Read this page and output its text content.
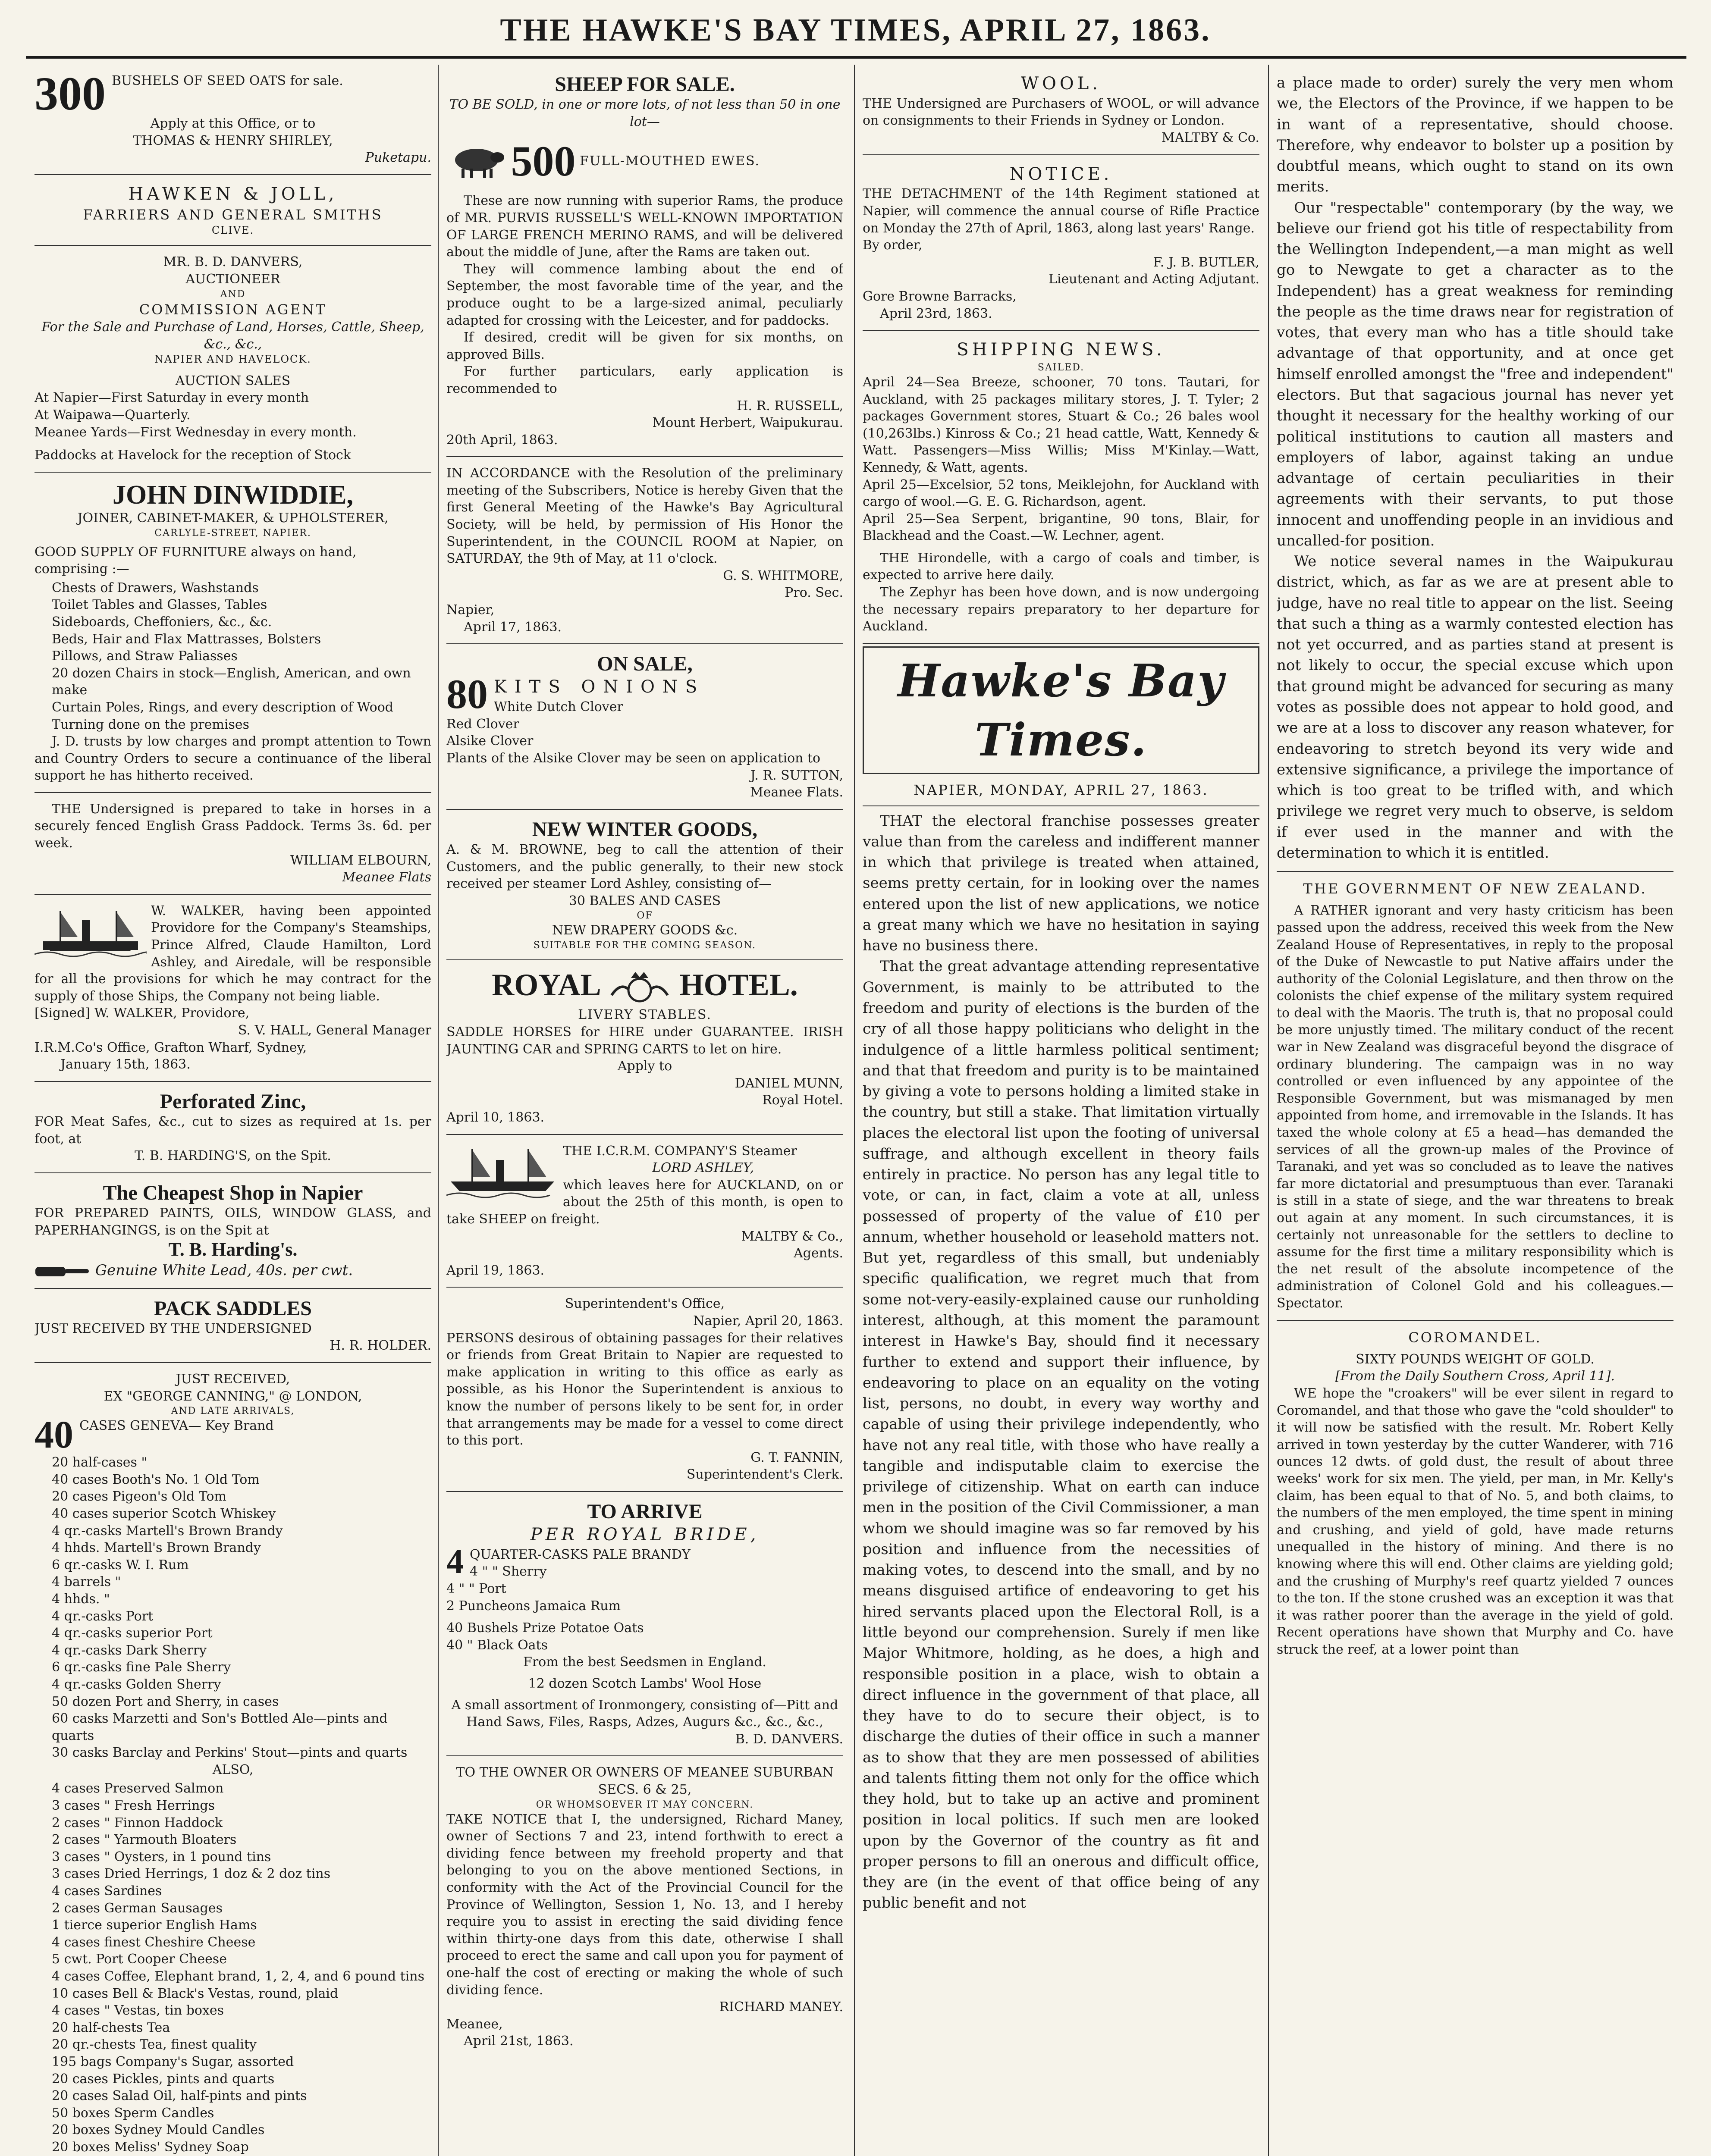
THE HAWKE'S BAY TIMES, APRIL 27, 1863.
300 BUSHELS OF SEED OATS for sale.
Apply at this Office, or to
THOMAS & HENRY SHIRLEY,
Puketapu.
HAWKEN & JOLL,
FARRIERS AND GENERAL SMITHS
CLIVE.
MR. B. D. DANVERS,
AUCTIONEER
AND
COMMISSION AGENT
For the Sale and Purchase of Land, Horses, Cattle, Sheep, &c., &c.,
NAPIER AND HAVELOCK.
AUCTION SALES
At Napier—First Saturday in every month
At Waipawa—Quarterly.
Meanee Yards—First Wednesday in every month.
Paddocks at Havelock for the reception of Stock
JOHN DINWIDDIE,
JOINER, CABINET-MAKER, & UPHOLSTERER,
CARLYLE-STREET, NAPIER.
GOOD SUPPLY OF FURNITURE always on hand, comprising :—
Chests of Drawers, Washstands
Toilet Tables and Glasses, Tables
Sideboards, Cheffoniers, &c., &c.
Beds, Hair and Flax Mattrasses, Bolsters
Pillows, and Straw Paliasses
20 dozen Chairs in stock—English, American, and own make
Curtain Poles, Rings, and every description of Wood Turning done on the premises

J. D. trusts by low charges and prompt attention to Town and Country Orders to secure a continuance of the liberal support he has hitherto received.

THE Undersigned is prepared to take in horses in a securely fenced English Grass Paddock. Terms 3s. 6d. per week.

WILLIAM ELBOURN,
Meanee Flats

W. WALKER, having been appointed Providore for the Company's Steamships, Prince Alfred, Claude Hamilton, Lord Ashley, and Airedale, will be responsible for all the provisions for which he may contract for the supply of those Ships, the Company not being liable.

[Signed] W. WALKER, Providore,
S. V. HALL, General Manager
I.R.M.Co's Office, Grafton Wharf, Sydney,
January 15th, 1863.
Perforated Zinc,

FOR Meat Safes, &c., cut to sizes as required at 1s. per foot, at

T. B. HARDING'S, on the Spit.
The Cheapest Shop in Napier

FOR PREPARED PAINTS, OILS, WINDOW GLASS, and PAPERHANGINGS, is on the Spit at

T. B. Harding's.
Genuine White Lead, 40s. per cwt.
PACK SADDLES
JUST RECEIVED BY THE UNDERSIGNED
H. R. HOLDER.
JUST RECEIVED,
EX "GEORGE CANNING," @ LONDON,
AND LATE ARRIVALS,
40 CASES GENEVA— Key Brand
20 half-cases "
40 cases Booth's No. 1 Old Tom
20 cases Pigeon's Old Tom
40 cases superior Scotch Whiskey
4 qr.-casks Martell's Brown Brandy
4 hhds. Martell's Brown Brandy
6 qr.-casks W. I. Rum
4 barrels "
4 hhds. "
4 qr.-casks Port
4 qr.-casks superior Port
4 qr.-casks Dark Sherry
6 qr.-casks fine Pale Sherry
4 qr.-casks Golden Sherry
50 dozen Port and Sherry, in cases
60 casks Marzetti and Son's Bottled Ale—pints and quarts
30 casks Barclay and Perkins' Stout—pints and quarts
ALSO,
4 cases Preserved Salmon
3 cases " Fresh Herrings
2 cases " Finnon Haddock
2 cases " Yarmouth Bloaters
3 cases " Oysters, in 1 pound tins
3 cases Dried Herrings, 1 doz & 2 doz tins
4 cases Sardines
2 cases German Sausages
1 tierce superior English Hams
4 cases finest Cheshire Cheese
5 cwt. Port Cooper Cheese
4 cases Coffee, Elephant brand, 1, 2, 4, and 6 pound tins
10 cases Bell & Black's Vestas, round, plaid
4 cases " Vestas, tin boxes
20 half-chests Tea
20 qr.-chests Tea, finest quality
195 bags Company's Sugar, assorted
20 cases Pickles, pints and quarts
20 cases Salad Oil, half-pints and pints
50 boxes Sperm Candles
20 boxes Sydney Mould Candles
20 boxes Meliss' Sydney Soap
SHEEP FOR SALE.
TO BE SOLD, in one or more lots, of not less than 50 in one lot—
500 FULL-MOUTHED EWES.

These are now running with superior Rams, the produce of MR. PURVIS RUSSELL'S WELL-KNOWN IMPORTATION OF LARGE FRENCH MERINO RAMS, and will be delivered about the middle of June, after the Rams are taken out.

They will commence lambing about the end of September, the most favorable time of the year, and the produce ought to be a large-sized animal, peculiarly adapted for crossing with the Leicester, and for paddocks.

If desired, credit will be given for six months, on approved Bills.

For further particulars, early application is recommended to

H. R. RUSSELL,
Mount Herbert, Waipukurau.
20th April, 1863.

IN ACCORDANCE with the Resolution of the preliminary meeting of the Subscribers, Notice is hereby Given that the first General Meeting of the Hawke's Bay Agricultural Society, will be held, by permission of His Honor the Superintendent, in the COUNCIL ROOM at Napier, on SATURDAY, the 9th of May, at 11 o'clock.

G. S. WHITMORE,
Pro. Sec.
Napier,
April 17, 1863.
ON SALE,
80 KITS ONIONS
White Dutch Clover
Red Clover
Alsike Clover
Plants of the Alsike Clover may be seen on application to
J. R. SUTTON,
Meanee Flats.
NEW WINTER GOODS,

A. & M. BROWNE, beg to call the attention of their Customers, and the public generally, to their new stock received per steamer Lord Ashley, consisting of—

30 BALES AND CASES
OF
NEW DRAPERY GOODS &c.
SUITABLE FOR THE COMING SEASON.
ROYAL	HOTEL.
LIVERY STABLES.

SADDLE HORSES for HIRE under GUARANTEE. IRISH JAUNTING CAR and SPRING CARTS to let on hire.

Apply to
DANIEL MUNN,
Royal Hotel.
April 10, 1863.
THE I.C.R.M. COMPANY'S Steamer
LORD ASHLEY,

which leaves here for AUCKLAND, on or about the 25th of this month, is open to take SHEEP on freight.

MALTBY & Co.,
Agents.
April 19, 1863.
Superintendent's Office,
Napier, April 20, 1863.

PERSONS desirous of obtaining passages for their relatives or friends from Great Britain to Napier are requested to make application in writing to this office as early as possible, as his Honor the Superintendent is anxious to know the number of persons likely to be sent for, in order that arrangements may be made for a vessel to come direct to this port.

G. T. FANNIN,
Superintendent's Clerk.
TO ARRIVE
PER ROYAL BRIDE,
4 QUARTER-CASKS PALE BRANDY
4 " " Sherry
4 " " Port
2 Puncheons Jamaica Rum
40 Bushels Prize Potatoe Oats
40 " Black Oats
From the best Seedsmen in England.
12 dozen Scotch Lambs' Wool Hose
A small assortment of Ironmongery, consisting of—Pitt and Hand Saws, Files, Rasps, Adzes, Augurs &c., &c., &c.,
B. D. DANVERS.
TO THE OWNER OR OWNERS OF MEANEE SUBURBAN SECS. 6 & 25,
OR WHOMSOEVER IT MAY CONCERN.

TAKE NOTICE that I, the undersigned, Richard Maney, owner of Sections 7 and 23, intend forthwith to erect a dividing fence between my freehold property and that belonging to you on the above mentioned Sections, in conformity with the Act of the Provincial Council for the Province of Wellington, Session 1, No. 13, and I hereby require you to assist in erecting the said dividing fence within thirty-one days from this date, otherwise I shall proceed to erect the same and call upon you for payment of one-half the cost of erecting or making the whole of such dividing fence.

RICHARD MANEY.
Meanee,
April 21st, 1863.
WOOL.

THE Undersigned are Purchasers of WOOL, or will advance on consignments to their Friends in Sydney or London.

MALTBY & Co.
NOTICE.

THE DETACHMENT of the 14th Regiment stationed at Napier, will commence the annual course of Rifle Practice on Monday the 27th of April, 1863, along last years' Range.

By order,
F. J. B. BUTLER,
Lieutenant and Acting Adjutant.
Gore Browne Barracks,
April 23rd, 1863.
SHIPPING NEWS.
SAILED.

April 24—Sea Breeze, schooner, 70 tons. Tautari, for Auckland, with 25 packages military stores, J. T. Tyler; 2 packages Government stores, Stuart & Co.; 26 bales wool (10,263lbs.) Kinross & Co.; 21 head cattle, Watt, Kennedy & Watt. Passengers—Miss Willis; Miss M'Kinlay.—Watt, Kennedy, & Watt, agents.

April 25—Excelsior, 52 tons, Meiklejohn, for Auckland with cargo of wool.—G. E. G. Richardson, agent.

April 25—Sea Serpent, brigantine, 90 tons, Blair, for Blackhead and the Coast.—W. Lechner, agent.

THE Hirondelle, with a cargo of coals and timber, is expected to arrive here daily.

The Zephyr has been hove down, and is now undergoing the necessary repairs preparatory to her departure for Auckland.

Hawke's Bay Times.
NAPIER, MONDAY, APRIL 27, 1863.

THAT the electoral franchise possesses greater value than from the careless and indifferent manner in which that privilege is treated when attained, seems pretty certain, for in looking over the names entered upon the list of new applications, we notice a great many which we have no hesitation in saying have no business there.

That the great advantage attending representative Government, is mainly to be attributed to the freedom and purity of elections is the burden of the cry of all those happy politicians who delight in the indulgence of a little harmless political sentiment; and that that freedom and purity is to be maintained by giving a vote to persons holding a limited stake in the country, but still a stake. That limitation virtually places the electoral list upon the footing of universal suffrage, and although excellent in theory fails entirely in practice. No person has any legal title to vote, or can, in fact, claim a vote at all, unless possessed of property of the value of £10 per annum, whether household or leasehold matters not. But yet, regardless of this small, but undeniably specific qualification, we regret much that from some not-very-easily-explained cause our runholding interest, although, at this moment the paramount interest in Hawke's Bay, should find it necessary further to extend and support their influence, by endeavoring to place on an equality on the voting list, persons, no doubt, in every way worthy and capable of using their privilege independently, who have not any real title, with those who have really a tangible and indisputable claim to exercise the privilege of citizenship. What on earth can induce men in the position of the Civil Commissioner, a man whom we should imagine was so far removed by his position and influence from the necessities of making votes, to descend into the small, and by no means disguised artifice of endeavoring to get his hired servants placed upon the Electoral Roll, is a little beyond our comprehension. Surely if men like Major Whitmore, holding, as he does, a high and responsible position in a place, wish to obtain a direct influence in the government of that place, all they have to do to secure their object, is to discharge the duties of their office in such a manner as to show that they are men possessed of abilities and talents fitting them not only for the office which they hold, but to take up an active and prominent position in local politics. If such men are looked upon by the Governor of the country as fit and proper persons to fill an onerous and difficult office, they are (in the event of that office being of any public benefit and not

a place made to order) surely the very men whom we, the Electors of the Province, if we happen to be in want of a representative, should choose. Therefore, why endeavor to bolster up a position by doubtful means, which ought to stand on its own merits.

Our "respectable" contemporary (by the way, we believe our friend got his title of respectability from the Wellington Independent,—a man might as well go to Newgate to get a character as to the Independent) has a great weakness for reminding the people as the time draws near for registration of votes, that every man who has a title should take advantage of that opportunity, and at once get himself enrolled amongst the "free and independent" electors. But that sagacious journal has never yet thought it necessary for the healthy working of our political institutions to caution all masters and employers of labor, against taking an undue advantage of certain peculiarities in their agreements with their servants, to put those innocent and unoffending people in an invidious and uncalled-for position.

We notice several names in the Waipukurau district, which, as far as we are at present able to judge, have no real title to appear on the list. Seeing that such a thing as a warmly contested election has not yet occurred, and as parties stand at present is not likely to occur, the special excuse which upon that ground might be advanced for securing as many votes as possible does not appear to hold good, and we are at a loss to discover any reason whatever, for endeavoring to stretch beyond its very wide and extensive significance, a privilege the importance of which is too great to be trifled with, and which privilege we regret very much to observe, is seldom if ever used in the manner and with the determination to which it is entitled.

THE GOVERNMENT OF NEW ZEALAND.

A RATHER ignorant and very hasty criticism has been passed upon the address, received this week from the New Zealand House of Representatives, in reply to the proposal of the Duke of Newcastle to put Native affairs under the authority of the Colonial Legislature, and then throw on the colonists the chief expense of the military system required to deal with the Maoris. The truth is, that no proposal could be more unjustly timed. The military conduct of the recent war in New Zealand was disgraceful beyond the disgrace of ordinary blundering. The campaign was in no way controlled or even influenced by any appointee of the Responsible Government, but was mismanaged by men appointed from home, and irremovable in the Islands. It has taxed the whole colony at £5 a head—has demanded the services of all the grown-up males of the Province of Taranaki, and yet was so concluded as to leave the natives far more dictatorial and presumptuous than ever. Taranaki is still in a state of siege, and the war threatens to break out again at any moment. In such circumstances, it is certainly not unreasonable for the settlers to decline to assume for the first time a military responsibility which is the net result of the absolute incompetence of the administration of Colonel Gold and his colleagues.—Spectator.

COROMANDEL.
SIXTY POUNDS WEIGHT OF GOLD.
[From the Daily Southern Cross, April 11].

WE hope the "croakers" will be ever silent in regard to Coromandel, and that those who gave the "cold shoulder" to it will now be satisfied with the result. Mr. Robert Kelly arrived in town yesterday by the cutter Wanderer, with 716 ounces 12 dwts. of gold dust, the result of about three weeks' work for six men. The yield, per man, in Mr. Kelly's claim, has been equal to that of No. 5, and both claims, to the numbers of the men employed, the time spent in mining and crushing, and yield of gold, have made returns unequalled in the history of mining. And there is no knowing where this will end. Other claims are yielding gold; and the crushing of Murphy's reef quartz yielded 7 ounces to the ton. If the stone crushed was an exception it was that it was rather poorer than the average in the yield of gold. Recent operations have shown that Murphy and Co. have struck the reef, at a lower point than
